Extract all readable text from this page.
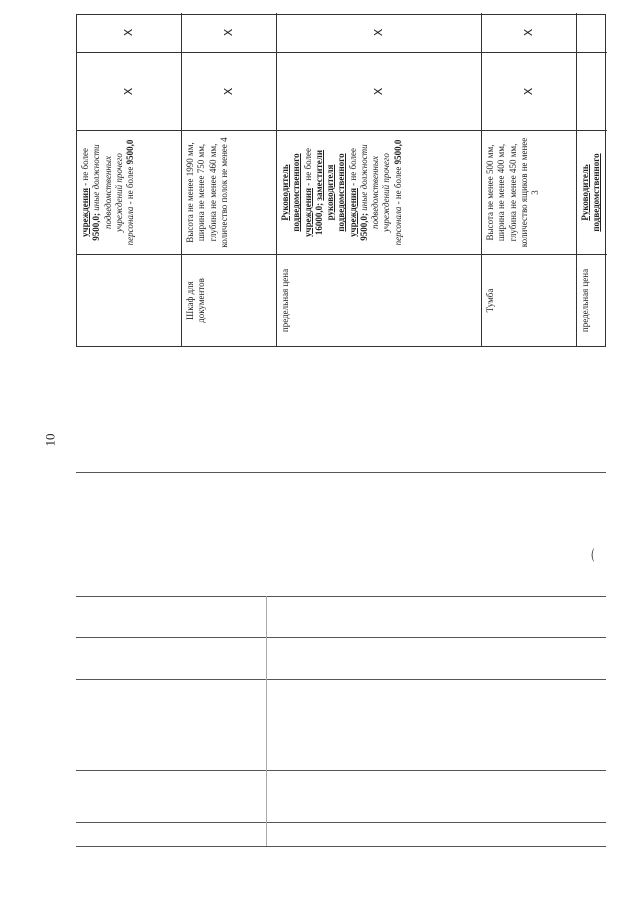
10
учреждения - не более 9500,0; иные должности подведомственных учреждений прочего персонала - не более 9500,0
X
X
Шкаф для документов
Высота не менее 1990 мм, ширина не менее 750 мм, глубина не менее 460 мм, количество полок не менее 4
X
X
предельная цена
Руководитель подведомственного учреждения - не более 16000,0; заместители руководителя подведомственного учреждения - не более 9500,0; иные должности подведомственных учреждений прочего персонала - не более 9500,0
X
X
Тумба
Высота не менее 500 мм, ширина не менее 400 мм, глубина не менее 450 мм, количество ящиков не менее 3
X
X
предельная цена
Руководитель подведомственного
⌒
